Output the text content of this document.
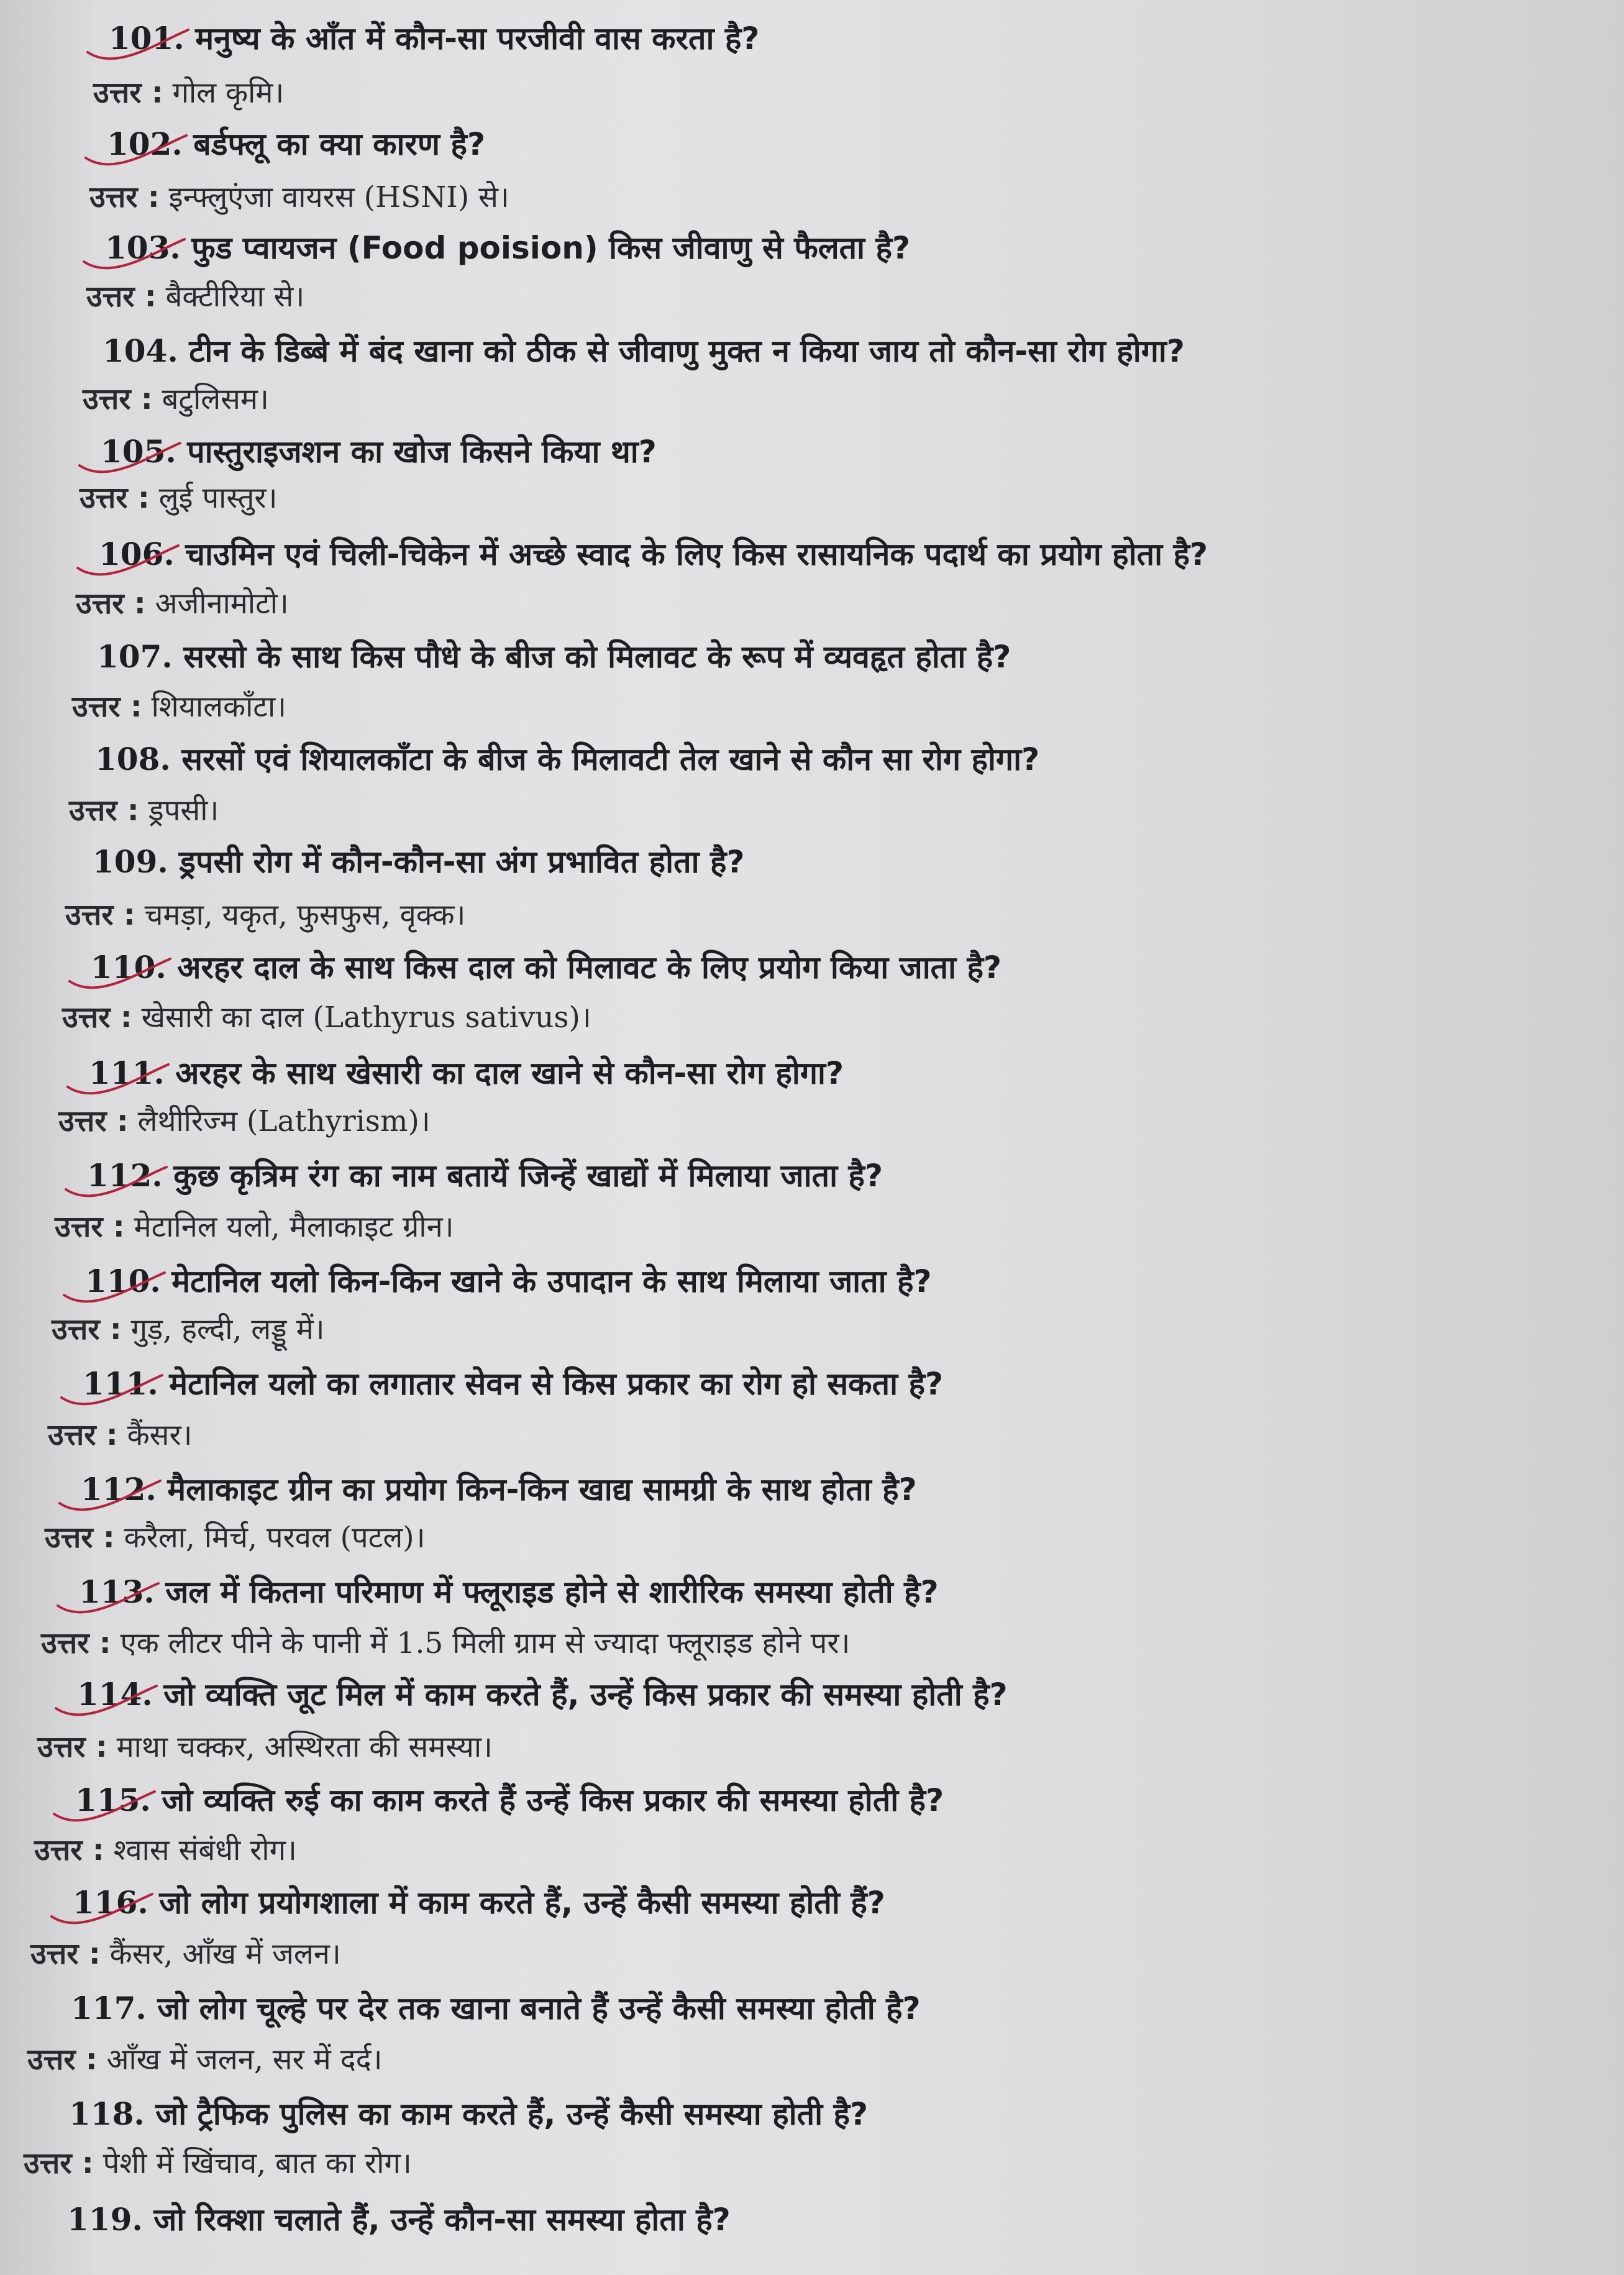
101. मनुष्य के आँत में कौन-सा परजीवी वास करता है?
उत्तर : गोल कृमि।
102. बर्डफ्लू का क्या कारण है?
उत्तर : इन्फ्लुएंजा वायरस (HSNI) से।
103. फुड प्वायजन (Food poision) किस जीवाणु से फैलता है?
उत्तर : बैक्टीरिया से।
104. टीन के डिब्बे में बंद खाना को ठीक से जीवाणु मुक्त न किया जाय तो कौन-सा रोग होगा?
उत्तर : बटुलिसम।
105. पास्तुराइजशन का खोज किसने किया था?
उत्तर : लुई पास्तुर।
106. चाउमिन एवं चिली-चिकेन में अच्छे स्वाद के लिए किस रासायनिक पदार्थ का प्रयोग होता है?
उत्तर : अजीनामोटो।
107. सरसो के साथ किस पौधे के बीज को मिलावट के रूप में व्यवहृत होता है?
उत्तर : शियालकाँटा।
108. सरसों एवं शियालकाँटा के बीज के मिलावटी तेल खाने से कौन सा रोग होगा?
उत्तर : ड्रपसी।
109. ड्रपसी रोग में कौन-कौन-सा अंग प्रभावित होता है?
उत्तर : चमड़ा, यकृत, फुसफुस, वृक्क।
110. अरहर दाल के साथ किस दाल को मिलावट के लिए प्रयोग किया जाता है?
उत्तर : खेसारी का दाल (Lathyrus sativus)।
111. अरहर के साथ खेसारी का दाल खाने से कौन-सा रोग होगा?
उत्तर : लैथीरिज्म (Lathyrism)।
112. कुछ कृत्रिम रंग का नाम बतायें जिन्हें खाद्यों में मिलाया जाता है?
उत्तर : मेटानिल यलो, मैलाकाइट ग्रीन।
110. मेटानिल यलो किन-किन खाने के उपादान के साथ मिलाया जाता है?
उत्तर : गुड़, हल्दी, लड्डू में।
111. मेटानिल यलो का लगातार सेवन से किस प्रकार का रोग हो सकता है?
उत्तर : कैंसर।
112. मैलाकाइट ग्रीन का प्रयोग किन-किन खाद्य सामग्री के साथ होता है?
उत्तर : करैला, मिर्च, परवल (पटल)।
113. जल में कितना परिमाण में फ्लूराइड होने से शारीरिक समस्या होती है?
उत्तर : एक लीटर पीने के पानी में 1.5 मिली ग्राम से ज्यादा फ्लूराइड होने पर।
114. जो व्यक्ति जूट मिल में काम करते हैं, उन्हें किस प्रकार की समस्या होती है?
उत्तर : माथा चक्कर, अस्थिरता की समस्या।
115. जो व्यक्ति रुई का काम करते हैं उन्हें किस प्रकार की समस्या होती है?
उत्तर : श्वास संबंधी रोग।
116. जो लोग प्रयोगशाला में काम करते हैं, उन्हें कैसी समस्या होती हैं?
उत्तर : कैंसर, आँख में जलन।
117. जो लोग चूल्हे पर देर तक खाना बनाते हैं उन्हें कैसी समस्या होती है?
उत्तर : आँख में जलन, सर में दर्द।
118. जो ट्रैफिक पुलिस का काम करते हैं, उन्हें कैसी समस्या होती है?
उत्तर : पेशी में खिंचाव, बात का रोग।
119. जो रिक्शा चलाते हैं, उन्हें कौन-सा समस्या होता है?
